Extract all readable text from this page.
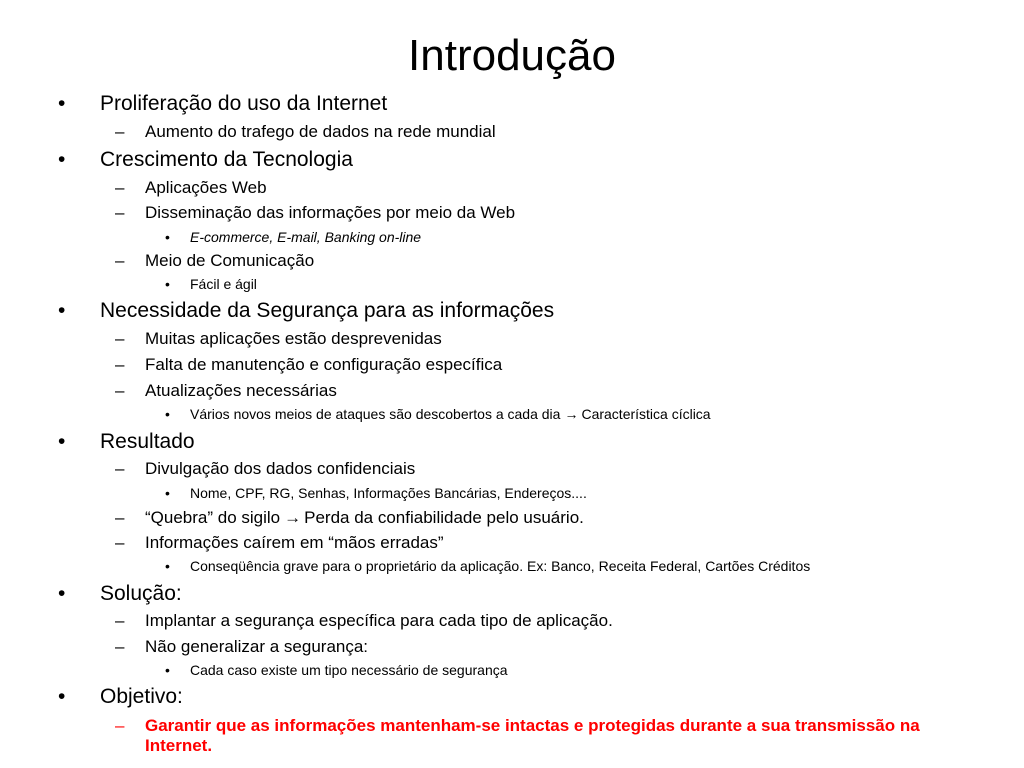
Introdução
• Proliferação do uso da Internet
– Aumento do trafego de dados na rede mundial
• Crescimento da Tecnologia
– Aplicações Web
– Disseminação das informações por meio da Web
• E-commerce, E-mail, Banking on-line
– Meio de Comunicação
• Fácil e ágil
• Necessidade da Segurança para as informações
– Muitas aplicações estão desprevenidas
– Falta de manutenção e configuração específica
– Atualizações necessárias
• Vários novos meios de ataques são descobertos a cada dia → Característica cíclica
• Resultado
– Divulgação dos dados confidenciais
• Nome, CPF, RG, Senhas, Informações Bancárias, Endereços....
– “Quebra” do sigilo → Perda da confiabilidade pelo usuário.
– Informações caírem em “mãos erradas”
• Conseqüência grave para o proprietário da aplicação. Ex: Banco, Receita Federal, Cartões Créditos
• Solução:
– Implantar a segurança específica para cada tipo de aplicação.
– Não generalizar a segurança:
• Cada caso existe um tipo necessário de segurança
• Objetivo:
– Garantir que as informações mantenham-se intactas e protegidas durante a sua transmissão na Internet.
